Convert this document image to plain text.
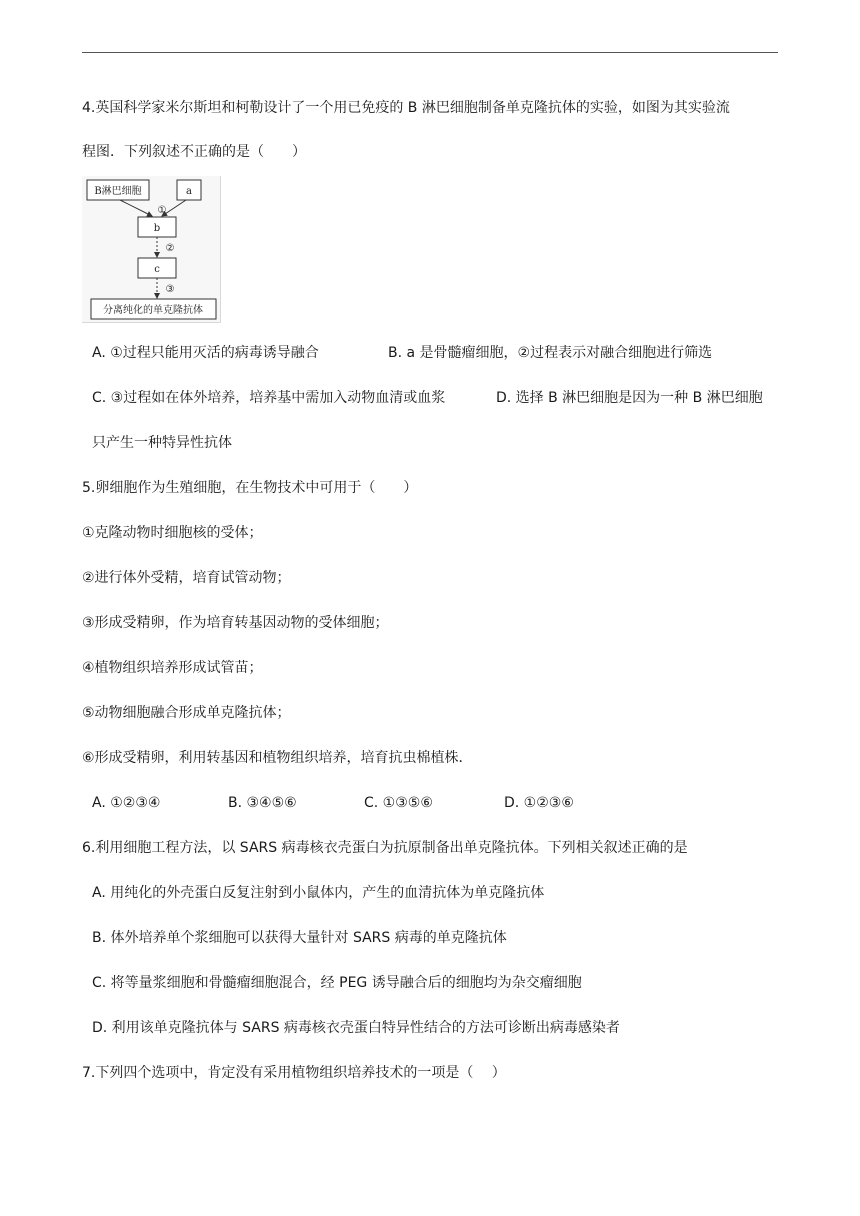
4.英国科学家米尔斯坦和柯勒设计了一个用已免疫的 B 淋巴细胞制备单克隆抗体的实验，如图为其实验流
程图．下列叙述不正确的是（　　）
B淋巴细胞	a
①
b
②
c
③
分离纯化的单克隆抗体
A. ①过程只能用灭活的病毒诱导融合	B. a 是骨髓瘤细胞，②过程表示对融合细胞进行筛选
C. ③过程如在体外培养，培养基中需加入动物血清或血浆	D. 选择 B 淋巴细胞是因为一种 B 淋巴细胞
只产生一种特异性抗体
5.卵细胞作为生殖细胞，在生物技术中可用于（　　）
①克隆动物时细胞核的受体；
②进行体外受精，培育试管动物；
③形成受精卵，作为培育转基因动物的受体细胞；
④植物组织培养形成试管苗；
⑤动物细胞融合形成单克隆抗体；
⑥形成受精卵，利用转基因和植物组织培养，培育抗虫棉植株．
A. ①②③④	B. ③④⑤⑥	C. ①③⑤⑥	D. ①②③⑥
6.利用细胞工程方法，以 SARS 病毒核衣壳蛋白为抗原制备出单克隆抗体。下列相关叙述正确的是
A. 用纯化的外壳蛋白反复注射到小鼠体内，产生的血清抗体为单克隆抗体
B. 体外培养单个浆细胞可以获得大量针对 SARS 病毒的单克隆抗体
C. 将等量浆细胞和骨髓瘤细胞混合，经 PEG 诱导融合后的细胞均为杂交瘤细胞
D. 利用该单克隆抗体与 SARS 病毒核衣壳蛋白特异性结合的方法可诊断出病毒感染者
7.下列四个选项中，肯定没有采用植物组织培养技术的一项是（　 ）
